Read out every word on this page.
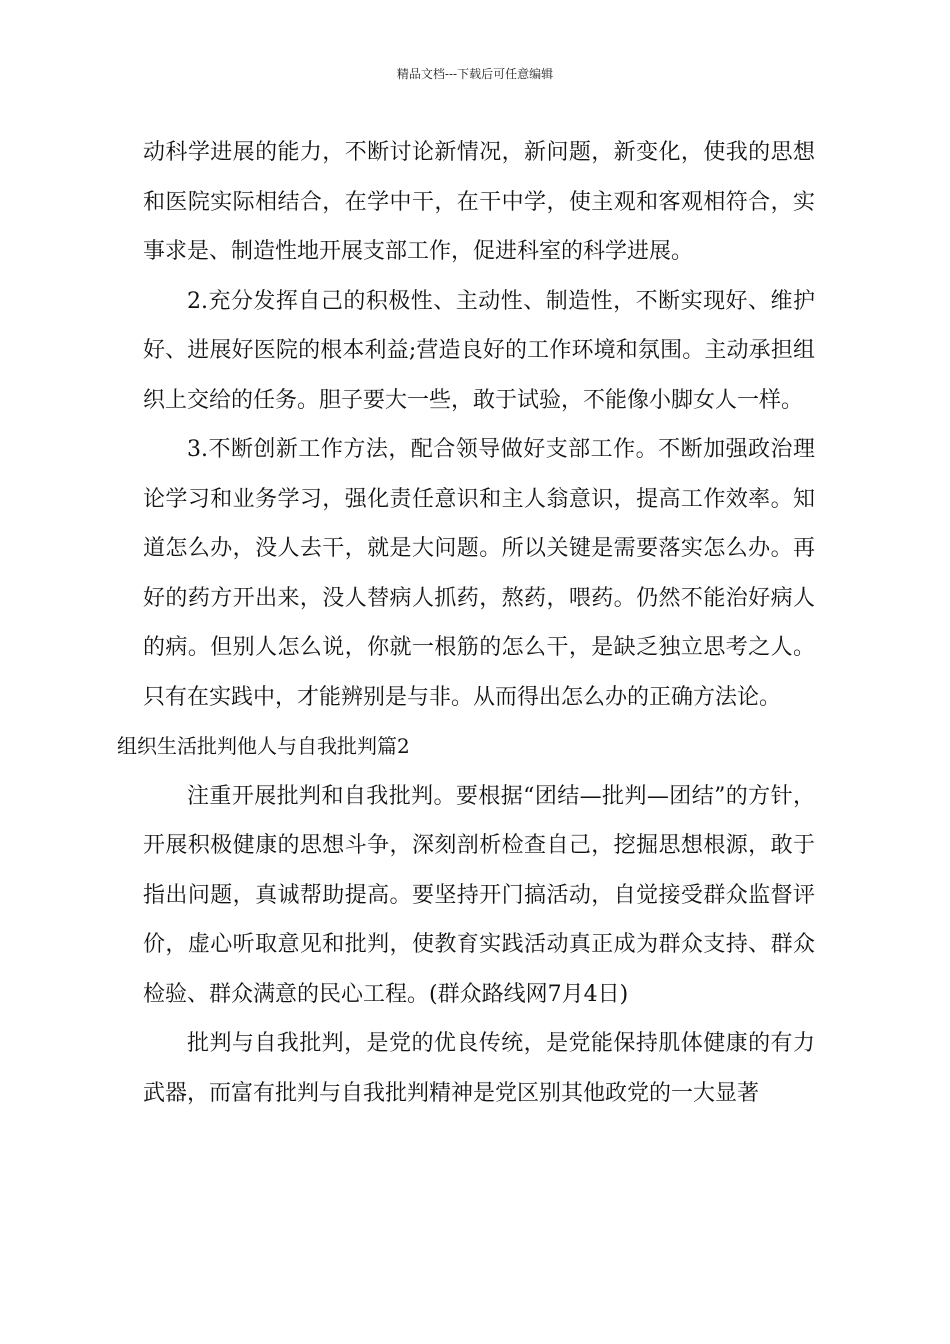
精品文档---下载后可任意编辑

动科学进展的能力，不断讨论新情况，新问题，新变化，使我的思想和医院实际相结合，在学中干，在干中学，使主观和客观相符合，实事求是、制造性地开展支部工作，促进科室的科学进展。

2.充分发挥自己的积极性、主动性、制造性，不断实现好、维护好、进展好医院的根本利益;营造良好的工作环境和氛围。主动承担组织上交给的任务。胆子要大一些，敢于试验，不能像小脚女人一样。

3.不断创新工作方法，配合领导做好支部工作。不断加强政治理论学习和业务学习，强化责任意识和主人翁意识，提高工作效率。知道怎么办，没人去干，就是大问题。所以关键是需要落实怎么办。再好的药方开出来，没人替病人抓药，熬药，喂药。仍然不能治好病人的病。但别人怎么说，你就一根筋的怎么干，是缺乏独立思考之人。只有在实践中，才能辨别是与非。从而得出怎么办的正确方法论。

组织生活批判他人与自我批判篇2

注重开展批判和自我批判。要根据“团结—批判—团结”的方针，开展积极健康的思想斗争，深刻剖析检查自己，挖掘思想根源，敢于指出问题，真诚帮助提高。要坚持开门搞活动，自觉接受群众监督评价，虚心听取意见和批判，使教育实践活动真正成为群众支持、群众检验、群众满意的民心工程。(群众路线网7月4日)

批判与自我批判，是党的优良传统，是党能保持肌体健康的有力武器，而富有批判与自我批判精神是党区别其他政党的一大显著
